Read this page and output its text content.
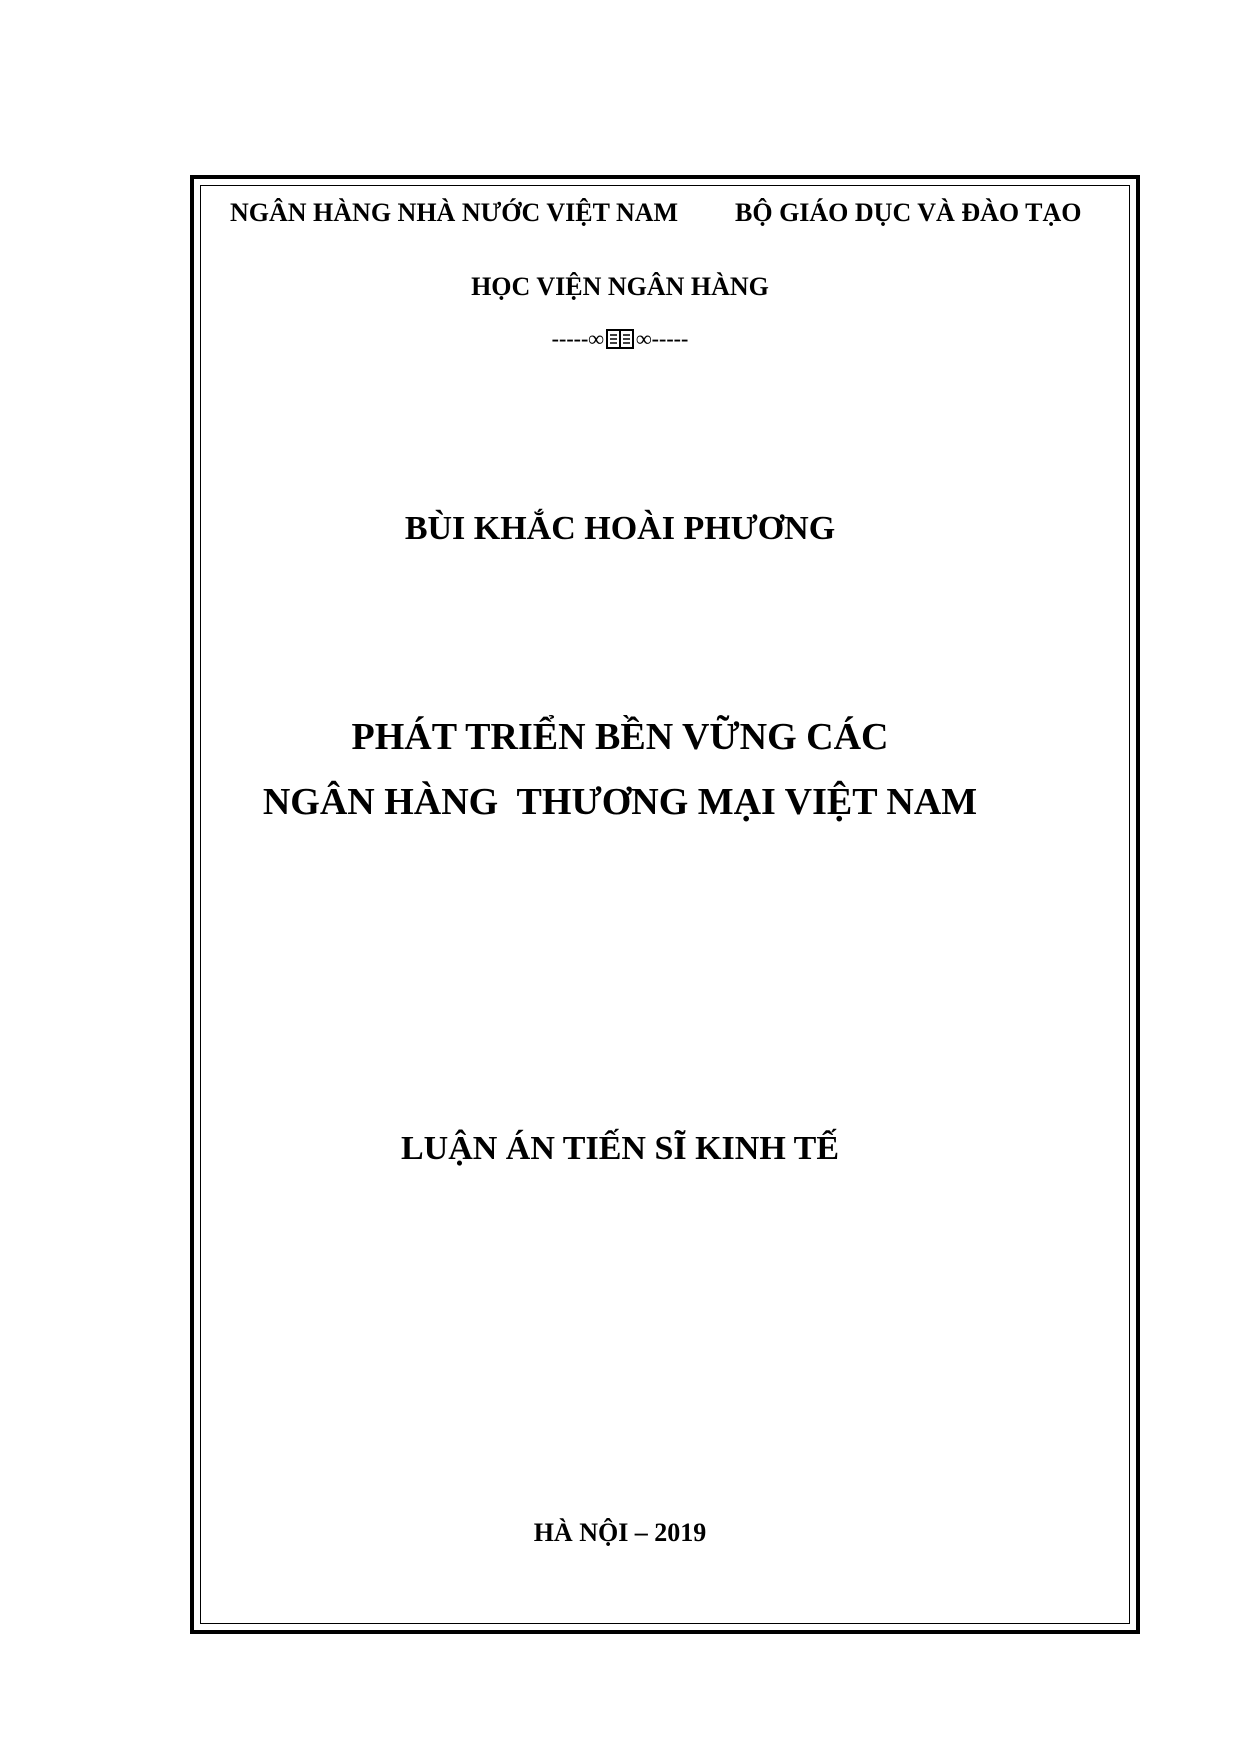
NGÂN HÀNG NHÀ NƯỚC VIỆT NAM BỘ GIÁO DỤC VÀ ĐÀO TẠO
HỌC VIỆN NGÂN HÀNG
-----∞ ∞-----
BÙI KHẮC HOÀI PHƯƠNG
PHÁT TRIỂN BỀN VỮNG CÁC
NGÂN HÀNG  THƯƠNG MẠI VIỆT NAM
LUẬN ÁN TIẾN SĨ KINH TẾ
HÀ NỘI – 2019
